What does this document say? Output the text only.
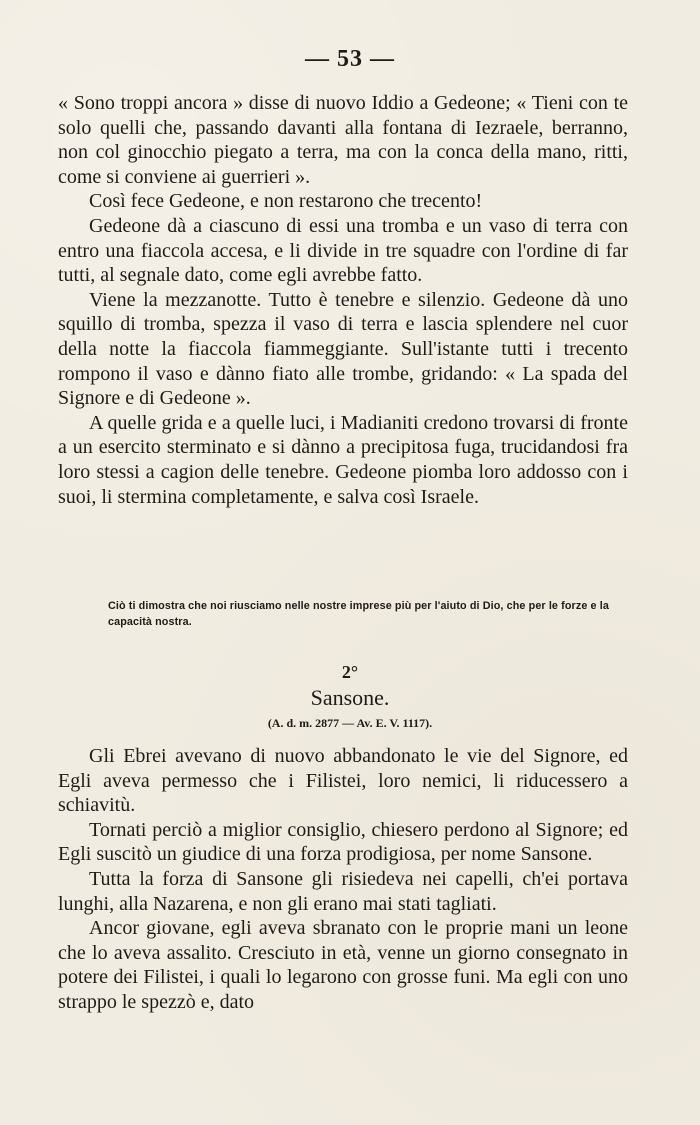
— 53 —

« Sono troppi ancora » disse di nuovo Iddio a Gedeone; « Tieni con te solo quelli che, passando davanti alla fontana di Iezraele, berranno, non col ginocchio piegato a terra, ma con la conca della mano, ritti, come si conviene ai guerrieri ».

Così fece Gedeone, e non restarono che trecento!

Gedeone dà a ciascuno di essi una tromba e un vaso di terra con entro una fiaccola accesa, e li divide in tre squadre con l'ordine di far tutti, al segnale dato, come egli avrebbe fatto.

Viene la mezzanotte. Tutto è tenebre e silenzio. Gedeone dà uno squillo di tromba, spezza il vaso di terra e lascia splendere nel cuor della notte la fiaccola fiammeggiante. Sull'istante tutti i trecento rompono il vaso e dànno fiato alle trombe, gridando: « La spada del Signore e di Gedeone ».

A quelle grida e a quelle luci, i Madianiti credono trovarsi di fronte a un esercito sterminato e si dànno a precipitosa fuga, trucidandosi fra loro stessi a cagion delle tenebre. Gedeone piomba loro addosso con i suoi, li stermina completamente, e salva così Israele.

Ciò ti dimostra che noi riusciamo nelle nostre imprese più per l'aiuto di Dio, che per le forze e la capacità nostra.
2°
Sansone.
(A. d. m. 2877 — Av. E. V. 1117).

Gli Ebrei avevano di nuovo abbandonato le vie del Signore, ed Egli aveva permesso che i Filistei, loro nemici, li riducessero a schiavitù.

Tornati perciò a miglior consiglio, chiesero perdono al Signore; ed Egli suscitò un giudice di una forza prodigiosa, per nome Sansone.

Tutta la forza di Sansone gli risiedeva nei capelli, ch'ei portava lunghi, alla Nazarena, e non gli erano mai stati tagliati.

Ancor giovane, egli aveva sbranato con le proprie mani un leone che lo aveva assalito. Cresciuto in età, venne un giorno consegnato in potere dei Filistei, i quali lo legarono con grosse funi. Ma egli con uno strappo le spezzò e, dato
